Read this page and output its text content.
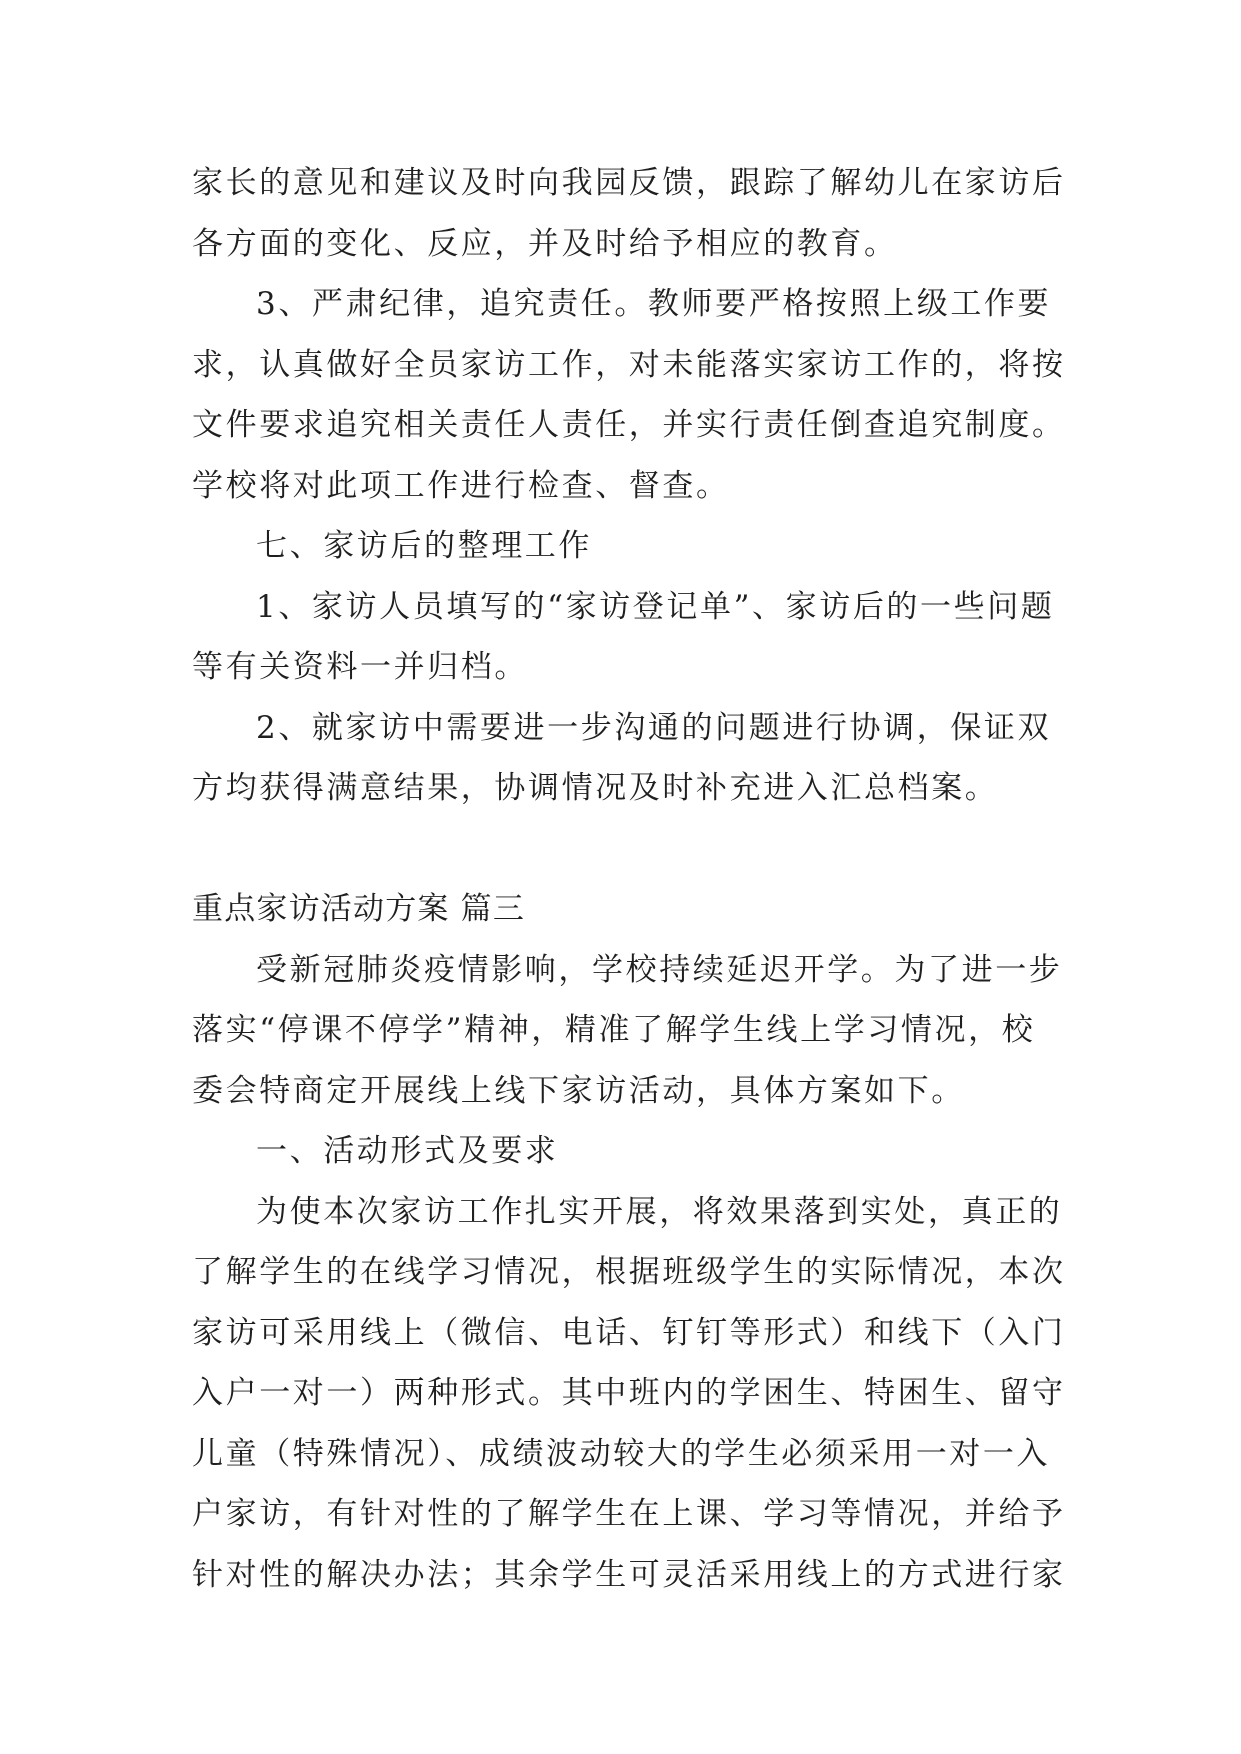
家长的意见和建议及时向我园反馈，跟踪了解幼儿在家访后
各方面的变化、反应，并及时给予相应的教育。
3、严肃纪律，追究责任。教师要严格按照上级工作要
求，认真做好全员家访工作，对未能落实家访工作的，将按
文件要求追究相关责任人责任，并实行责任倒查追究制度。
学校将对此项工作进行检查、督查。
七、家访后的整理工作
1、家访人员填写的“家访登记单”、家访后的一些问题
等有关资料一并归档。
2、就家访中需要进一步沟通的问题进行协调，保证双
方均获得满意结果，协调情况及时补充进入汇总档案。
重点家访活动方案 篇三
受新冠肺炎疫情影响，学校持续延迟开学。为了进一步
落实“停课不停学”精神，精准了解学生线上学习情况，校
委会特商定开展线上线下家访活动，具体方案如下。
一、活动形式及要求
为使本次家访工作扎实开展，将效果落到实处，真正的
了解学生的在线学习情况，根据班级学生的实际情况，本次
家访可采用线上（微信、电话、钉钉等形式）和线下（入门
入户一对一）两种形式。其中班内的学困生、特困生、留守
儿童（特殊情况）、成绩波动较大的学生必须采用一对一入
户家访，有针对性的了解学生在上课、学习等情况，并给予
针对性的解决办法；其余学生可灵活采用线上的方式进行家
